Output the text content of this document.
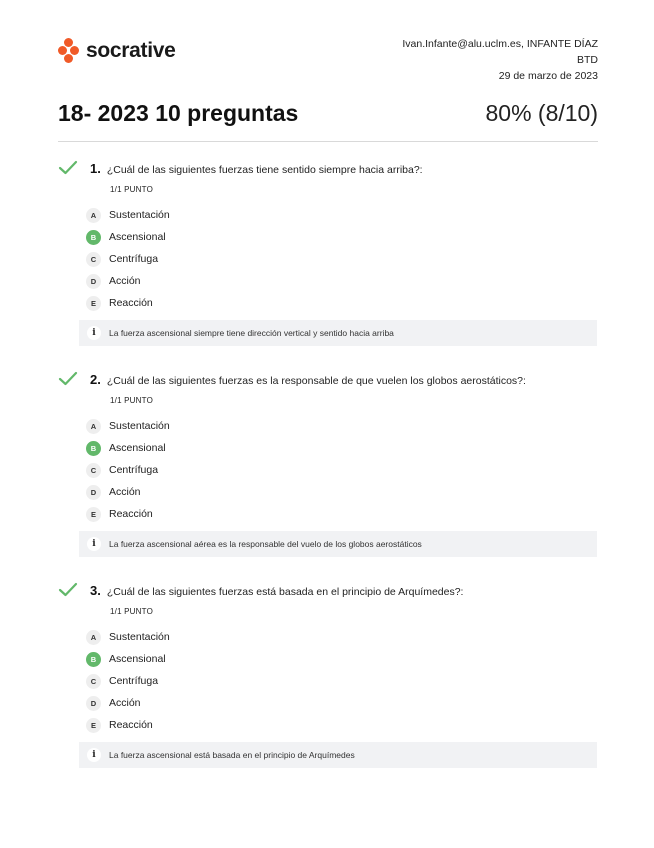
socrative	Ivan.Infante@alu.uclm.es, INFANTE DÍAZ
BTD
29 de marzo de 2023
18- 2023 10 preguntas	80% (8/10)
1. ¿Cuál de las siguientes fuerzas tiene sentido siempre hacia arriba?:
1/1 PUNTO
A	Sustentación
B	Ascensional
C	Centrífuga
D	Acción
E	Reacción
i	La fuerza ascensional siempre tiene dirección vertical y sentido hacia arriba
2. ¿Cuál de las siguientes fuerzas es la responsable de que vuelen los globos aerostáticos?:
1/1 PUNTO
A	Sustentación
B	Ascensional
C	Centrífuga
D	Acción
E	Reacción
i	La fuerza ascensional aérea es la responsable del vuelo de los globos aerostáticos
3. ¿Cuál de las siguientes fuerzas está basada en el principio de Arquímedes?:
1/1 PUNTO
A	Sustentación
B	Ascensional
C	Centrífuga
D	Acción
E	Reacción
i	La fuerza ascensional está basada en el principio de Arquímedes
